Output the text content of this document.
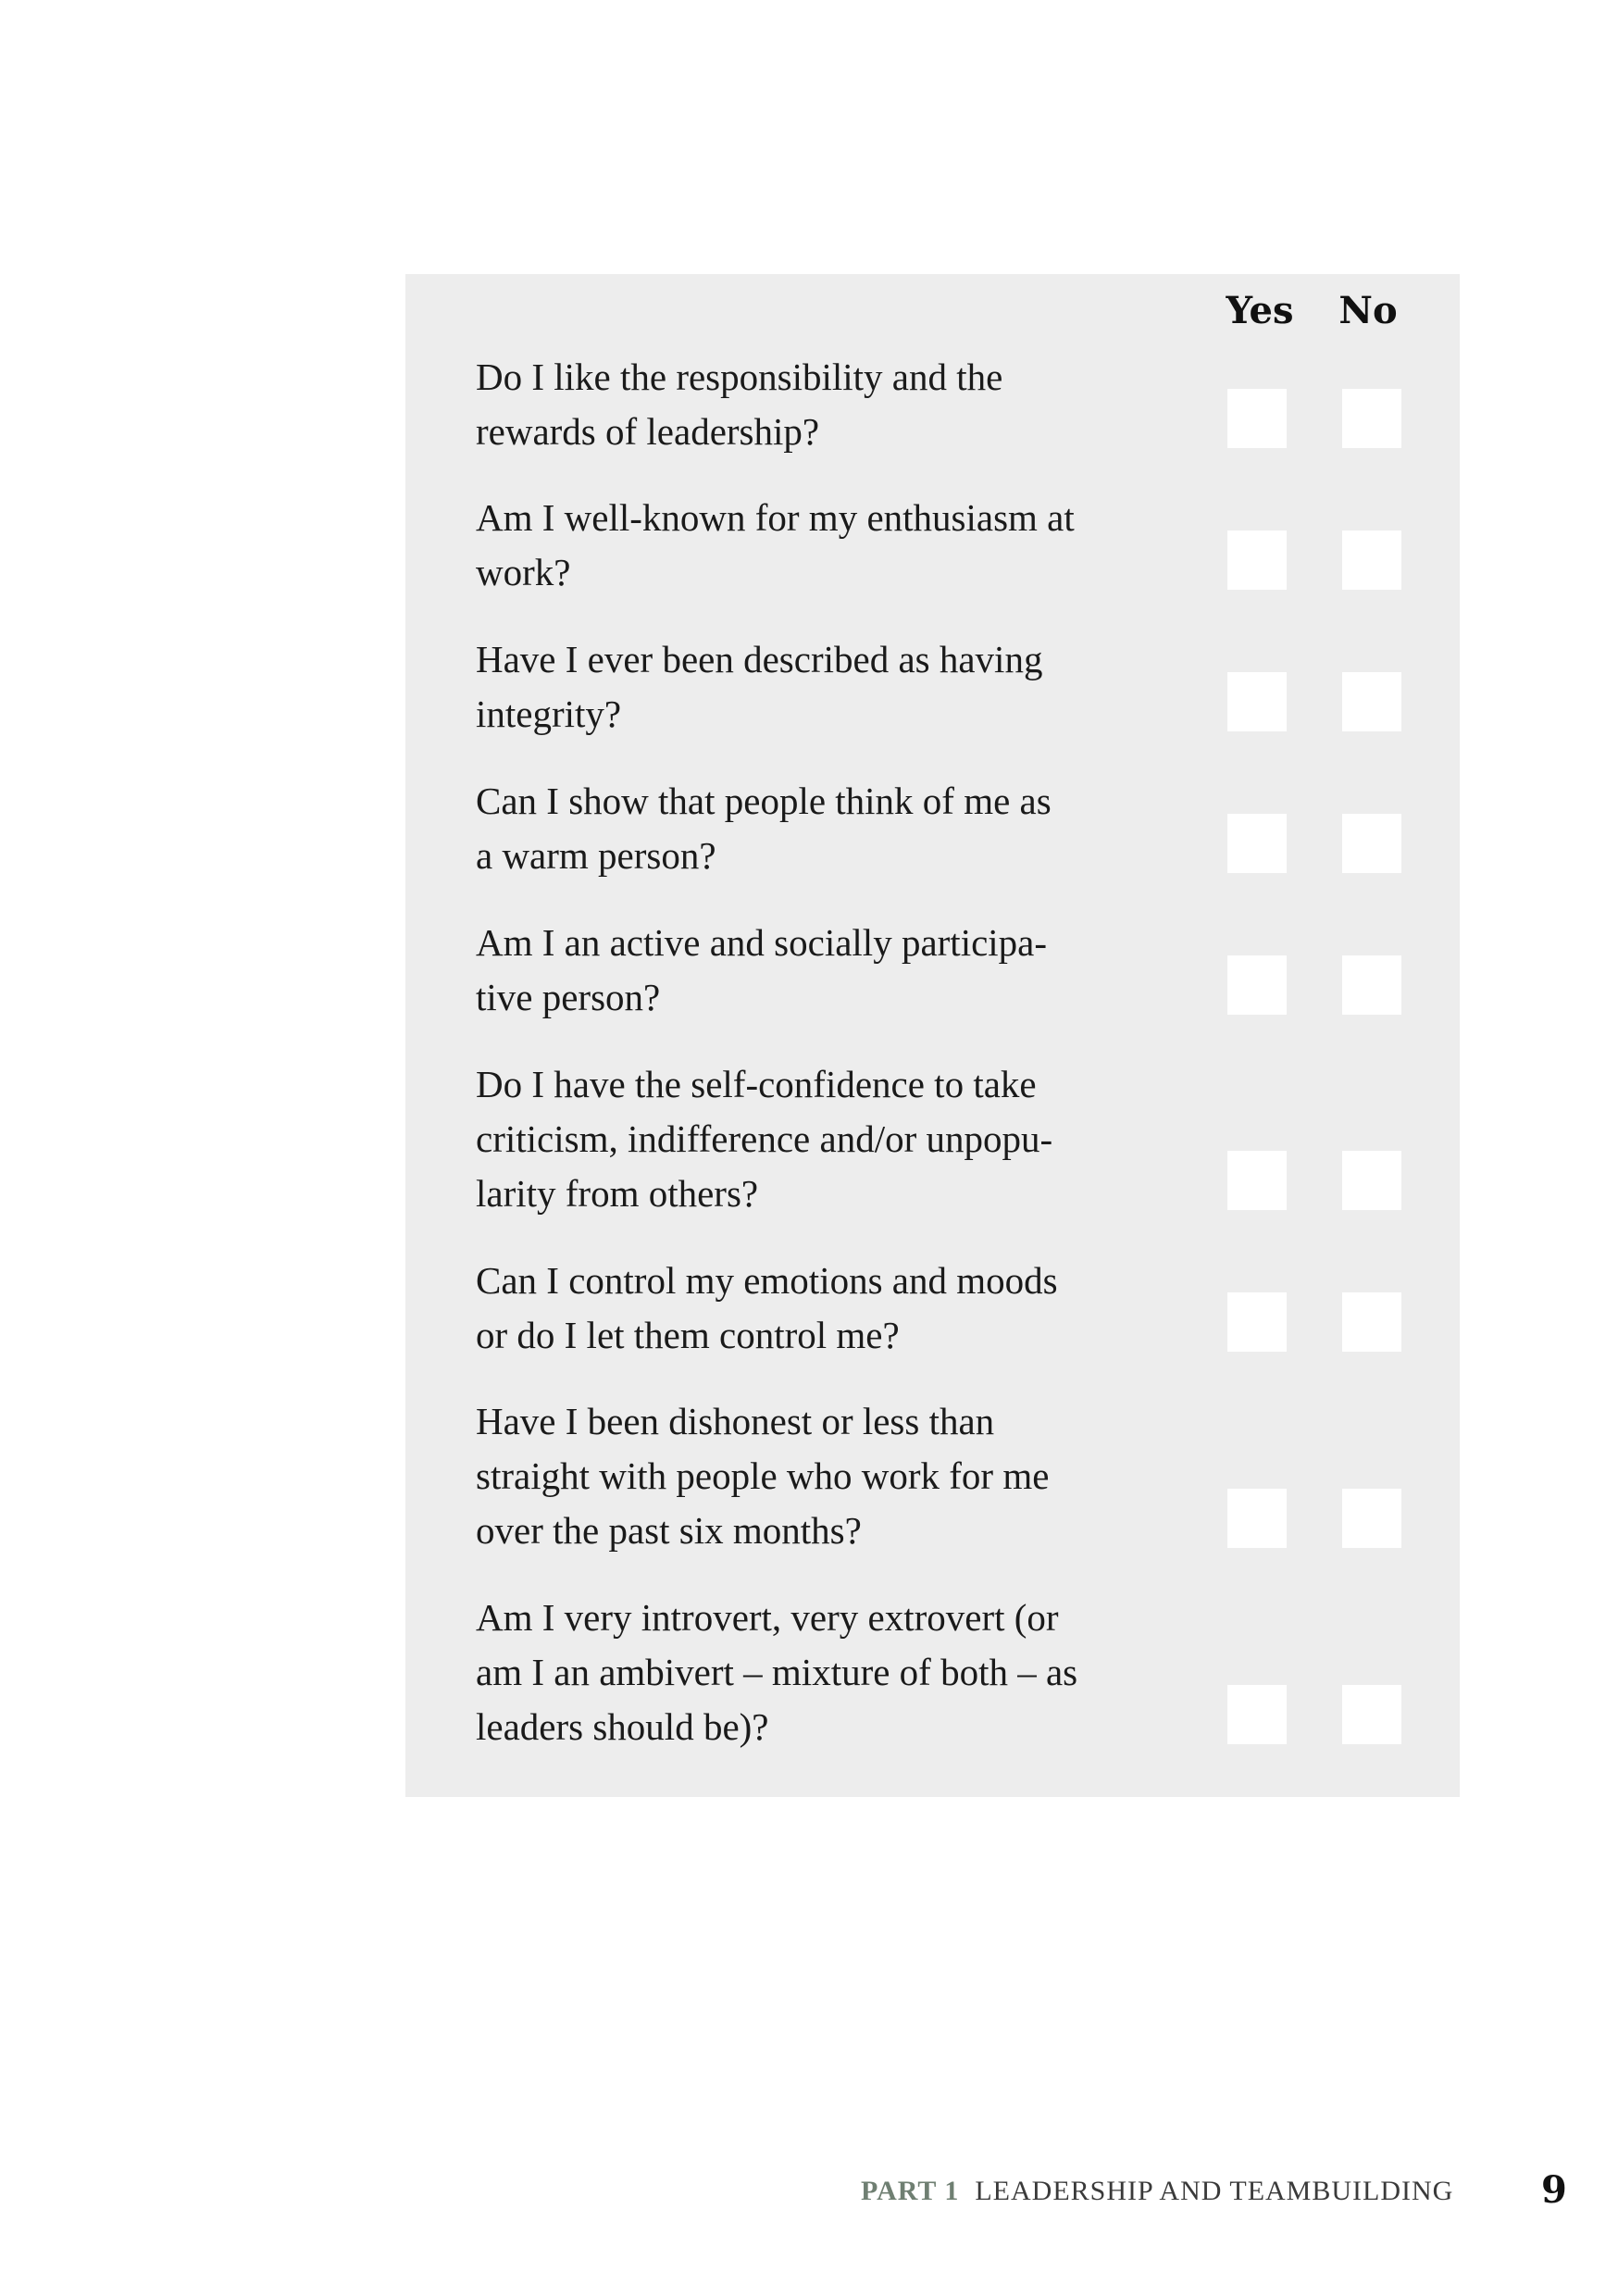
Yes	No
Do I like the responsibility and the
rewards of leadership?
Am I well-known for my enthusiasm at
work?
Have I ever been described as having
integrity?
Can I show that people think of me as
a warm person?
Am I an active and socially participa-
tive person?
Do I have the self-confidence to take
criticism, indifference and/or unpopu-
larity from others?
Can I control my emotions and moods
or do I let them control me?
Have I been dishonest or less than
straight with people who work for me
over the past six months?
Am I very introvert, very extrovert (or
am I an ambivert – mixture of both – as
leaders should be)?
PART 1 LEADERSHIP AND TEAMBUILDING	9
